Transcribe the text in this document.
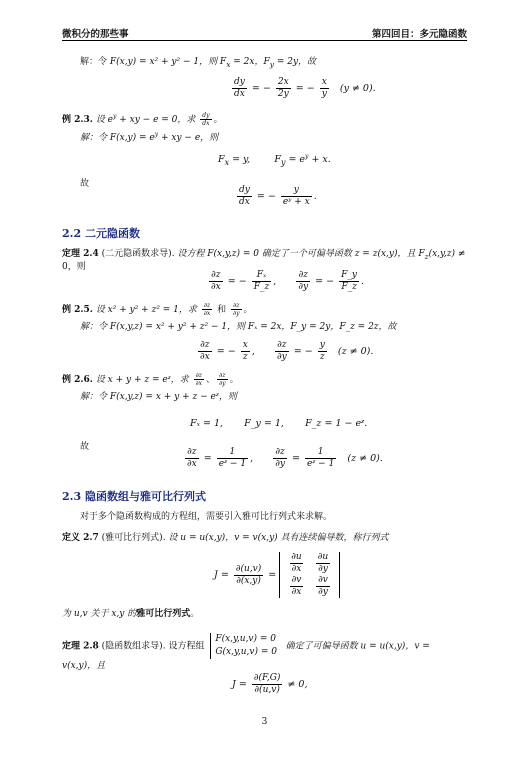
微积分的那些事	第四回目：多元隐函数
解：令 F(x,y) = x² + y² − 1，则 $F_x = 2x$，$F_y = 2y$，故
$\frac{dy}{dx}$ = − $\frac{2x}{2y}$ = − $\frac{x}{y} (y \ne 0)$.
例 2.3. 设 $e^y$ + xy − e = 0，求 $\frac{dy}{dx}$ 。
解：令 $F(x,y) = e^y$ + xy − e，则
$F_x = y$,	$F_y = e^y + x$.
故
$\frac{dy}{dx}$ = − $\frac{y}{\text{eʸ + x}}$ .
2.2 二元隐函数
定理 2.4 (二元隐函数求导). 设方程 F(x,y,z) = 0 确定了一个可偏导函数 z = z(x,y)，且 $F_z(x,y,z)$ ≠
0，则
$\frac{\partial z}{\partial x}$ = − $\frac{\text{Fₓ}}{F\_z}$ , $\frac{\partial z}{\partial y}$ = − $\frac{F\_y}{F\_z}$ .
例 2.5. 设 x² + y² + z² = 1，求 $\frac{\partial z}{\partial x}$ 和 $\frac{\partial z}{\partial y}$ 。
解：令 F(x,y,z) = x² + y² + z² − 1，则 Fₓ = 2x，F_y = 2y，F_z = 2z，故
$\frac{\partial z}{\partial x}$ = − $\frac{x}{z}$ , $\frac{\partial z}{\partial y}$ = − $\frac{y}{z} (z \ne 0)$.
例 2.6. 设 x + y + z = eᶻ，求 $\frac{\partial z}{\partial x}$ 、 $\frac{\partial z}{\partial y}$ 。
解：令 F(x,y,z) = x + y + z − eᶻ，则
Fₓ = 1, F_y = 1, F_z = 1 − eᶻ.
故	$\frac{\partial z}{\partial x} = \frac{1}{\text{eᶻ − 1}}$ , $\frac{\partial z}{\partial y} = \frac{1}{\text{eᶻ − 1}} (z \ne 0)$.
2.3 隐函数组与雅可比行列式
对于多个隐函数构成的方程组，需要引入雅可比行列式来求解。
定义 2.7 (雅可比行列式). 设 u = u(x,y)，v = v(x,y) 具有连续偏导数，称行列式
$J = \frac{\partial(u,v)}{\partial(x,y)} = \frac{\partial u}{\partial x}$	$\frac{\partial u}{\partial y}$

$\frac{\partial v}{\partial x}$	$\frac{\partial v}{\partial y}$
为 u,v 关于 x,y 的雅可比行列式。
定理 2.8 (隐函数组求导). 设方程组 F(x,y,u,v) = 0
G(x,y,u,v) = 0   确定了可偏导函数 u = u(x,y)，v =
v(x,y)，且
$J = \frac{\partial(F,G)}{\partial(u,v)} \ne 0$,
3
